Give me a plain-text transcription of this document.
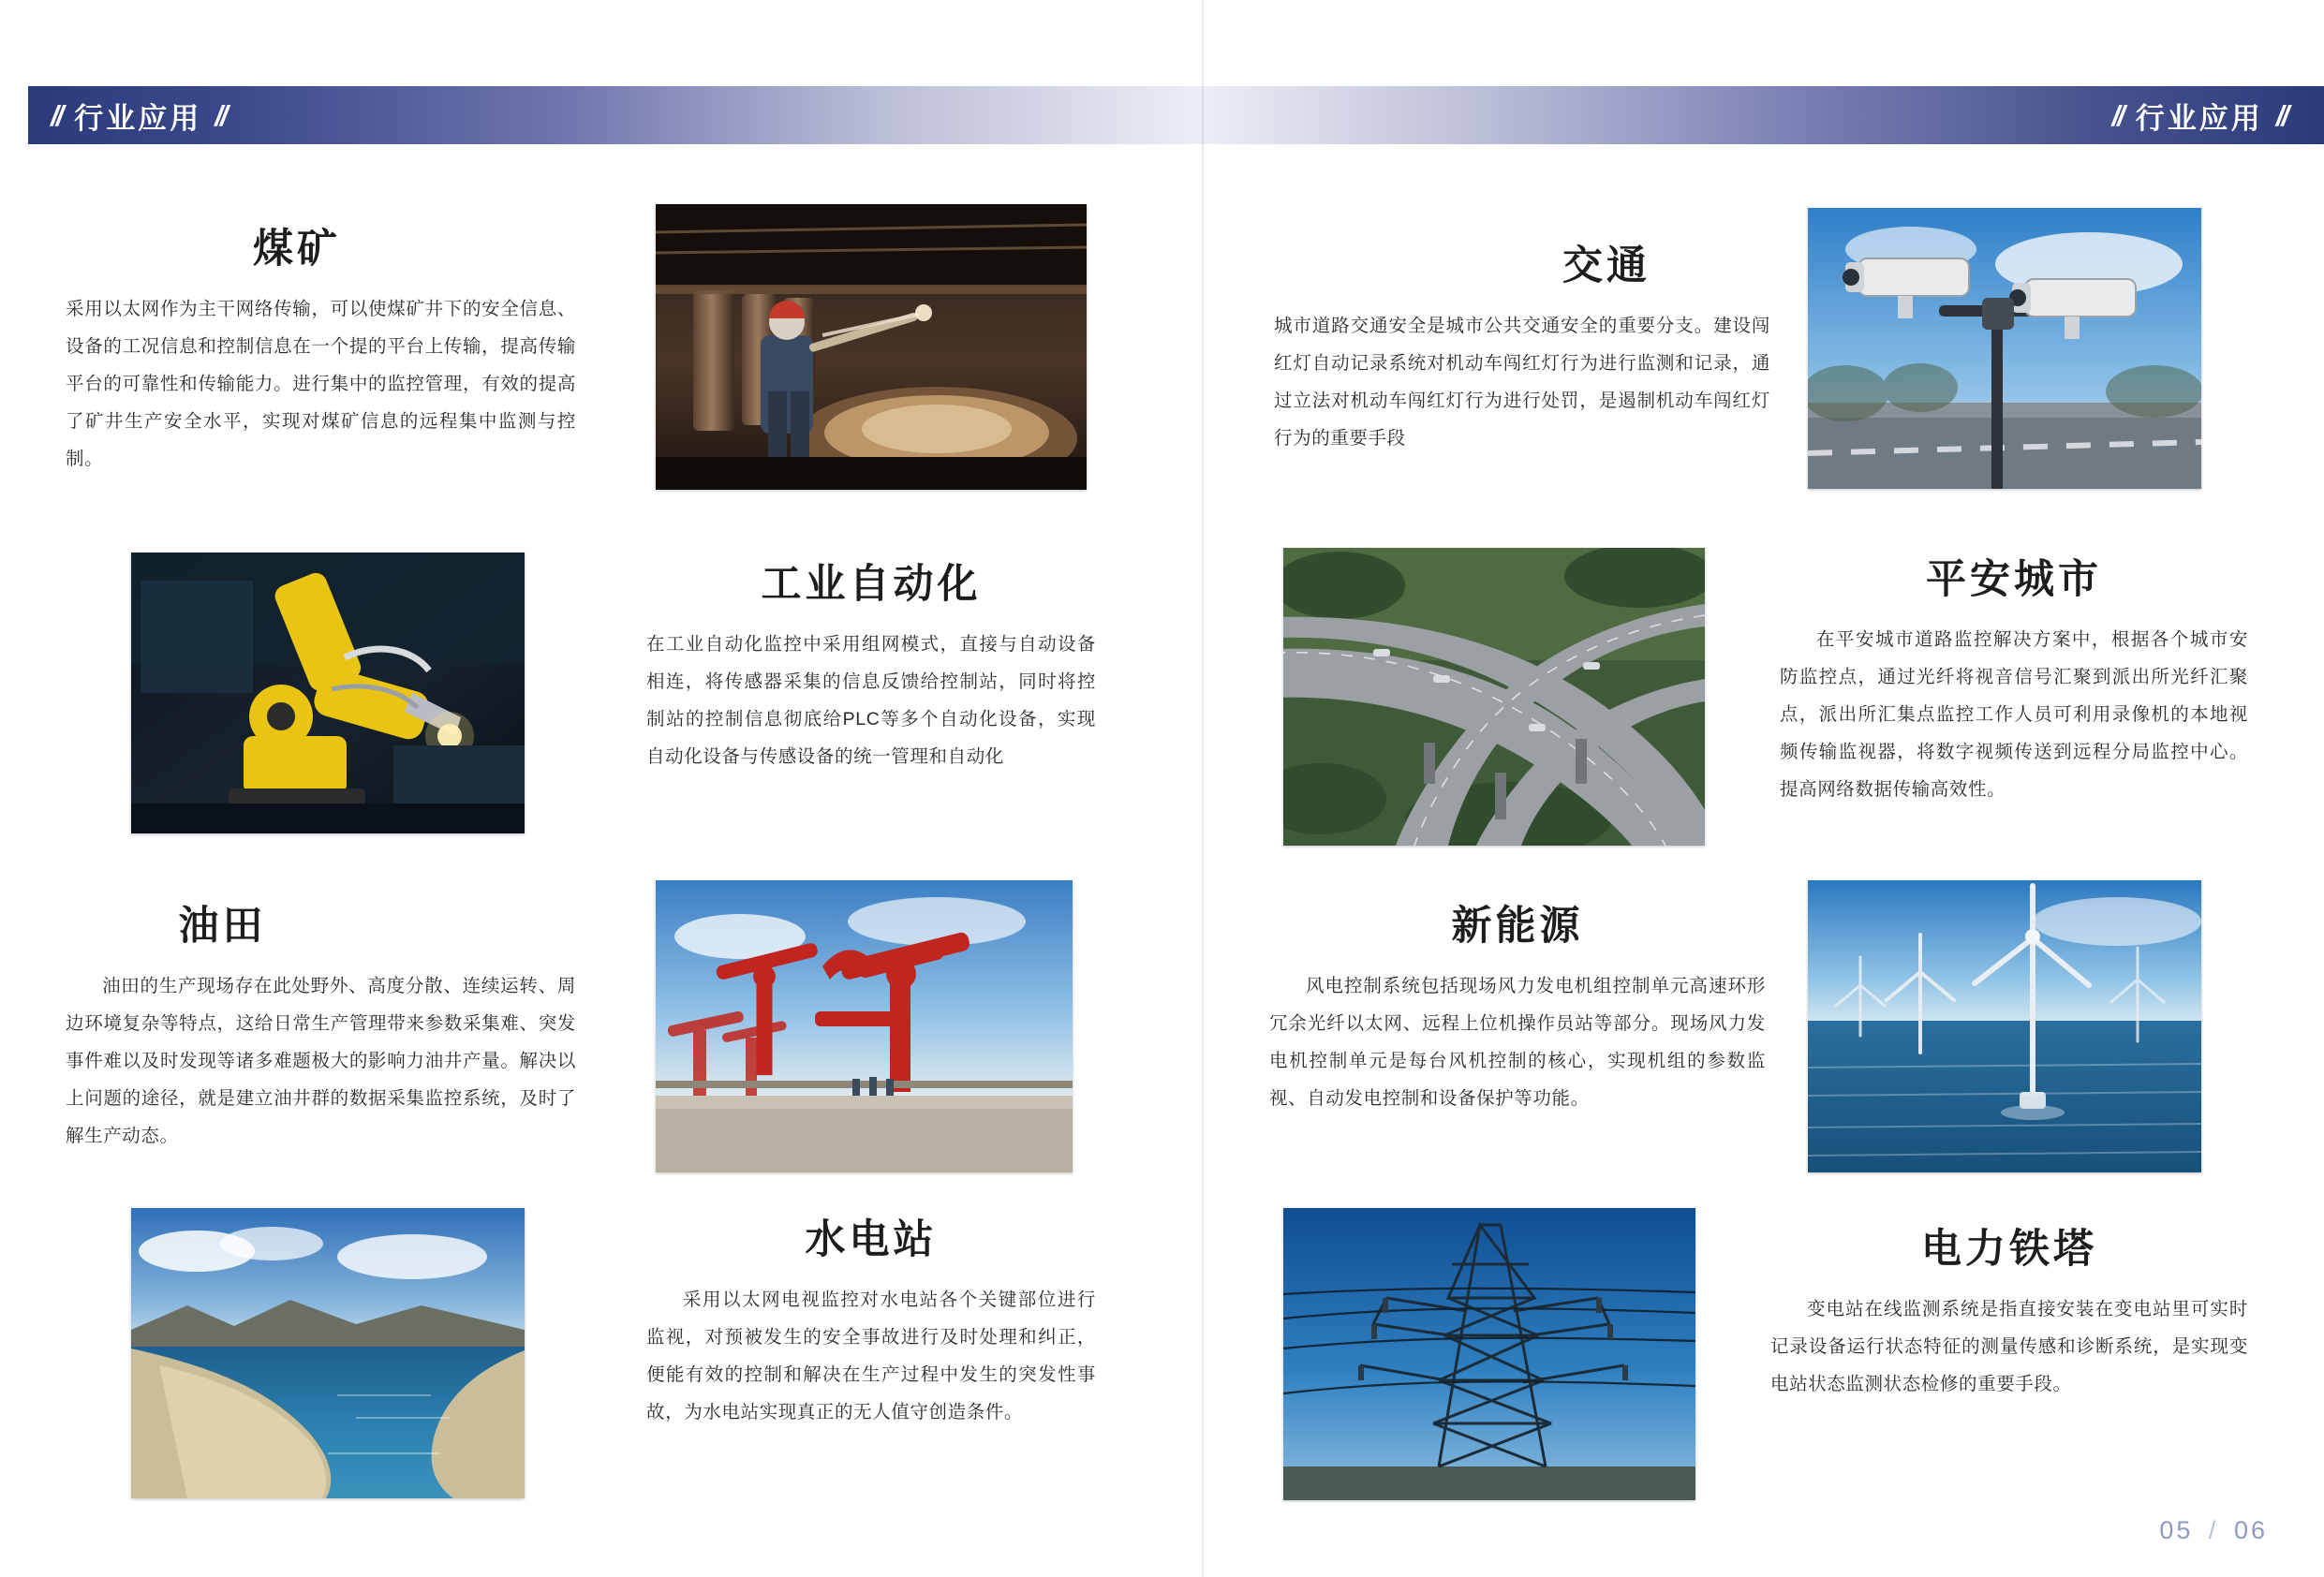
// 行业应用 //	// 行业应用 //
煤矿
采用以太网作为主干网络传输，可以使煤矿井下的安全信息、设备的工况信息和控制信息在一个提的平台上传输，提高传输平台的可靠性和传输能力。进行集中的监控管理，有效的提高了矿井生产安全水平，实现对煤矿信息的远程集中监测与控制。
工业自动化
在工业自动化监控中采用组网模式，直接与自动设备相连，将传感器采集的信息反馈给控制站，同时将控制站的控制信息彻底给PLC等多个自动化设备，实现自动化设备与传感设备的统一管理和自动化
油田
油田的生产现场存在此处野外、高度分散、连续运转、周边环境复杂等特点，这给日常生产管理带来参数采集难、突发事件难以及时发现等诸多难题极大的影响力油井产量。解决以上问题的途径，就是建立油井群的数据采集监控系统，及时了解生产动态。
水电站
采用以太网电视监控对水电站各个关键部位进行监视，对预被发生的安全事故进行及时处理和纠正，便能有效的控制和解决在生产过程中发生的突发性事故，为水电站实现真正的无人值守创造条件。
交通
城市道路交通安全是城市公共交通安全的重要分支。建设闯红灯自动记录系统对机动车闯红灯行为进行监测和记录，通过立法对机动车闯红灯行为进行处罚，是遏制机动车闯红灯行为的重要手段
平安城市
在平安城市道路监控解决方案中，根据各个城市安防监控点，通过光纤将视音信号汇聚到派出所光纤汇聚点，派出所汇集点监控工作人员可利用录像机的本地视频传输监视器，将数字视频传送到远程分局监控中心。提高网络数据传输高效性。
新能源
风电控制系统包括现场风力发电机组控制单元高速环形冗余光纤以太网、远程上位机操作员站等部分。现场风力发电机控制单元是每台风机控制的核心，实现机组的参数监视、自动发电控制和设备保护等功能。
电力铁塔
变电站在线监测系统是指直接安装在变电站里可实时记录设备运行状态特征的测量传感和诊断系统，是实现变电站状态监测状态检修的重要手段。
05 / 06
